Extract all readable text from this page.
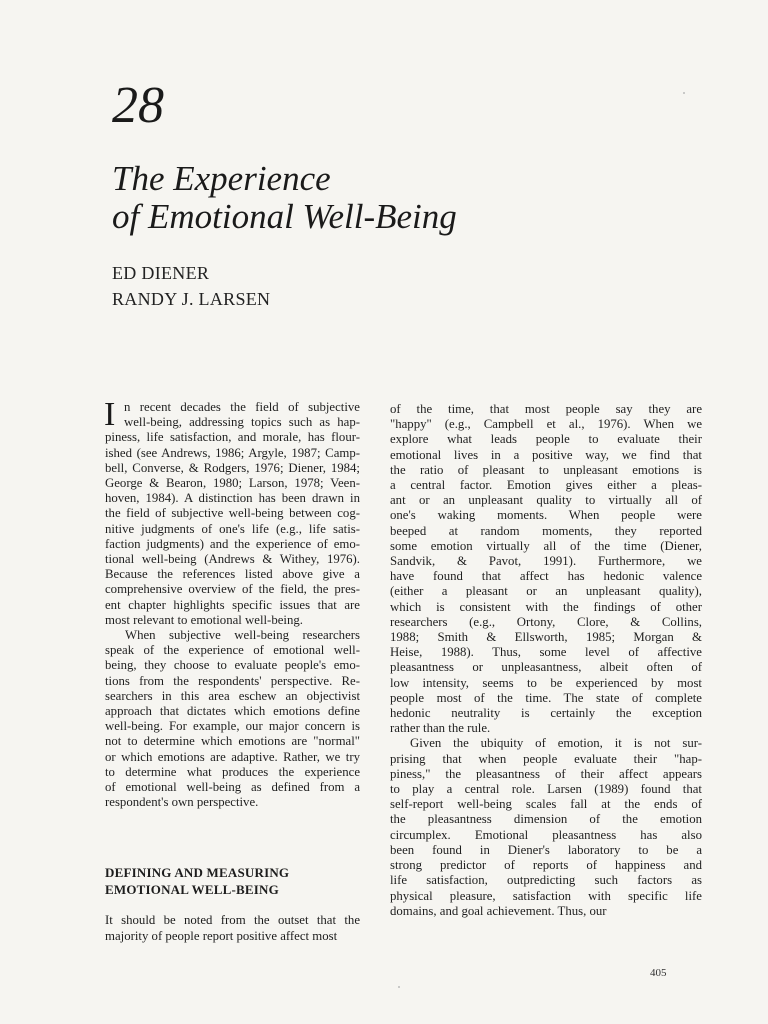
28
The Experience
of Emotional Well-Being
ED DIENER
RANDY J. LARSEN
I n recent decades the field of subjective
well-being, addressing topics such as hap-
piness, life satisfaction, and morale, has flour-
ished (see Andrews, 1986; Argyle, 1987; Camp-
bell, Converse, & Rodgers, 1976; Diener, 1984;
George & Bearon, 1980; Larson, 1978; Veen-
hoven, 1984). A distinction has been drawn in
the field of subjective well-being between cog-
nitive judgments of one's life (e.g., life satis-
faction judgments) and the experience of emo-
tional well-being (Andrews & Withey, 1976).
Because the references listed above give a
comprehensive overview of the field, the pres-
ent chapter highlights specific issues that are
most relevant to emotional well-being.
When subjective well-being researchers
speak of the experience of emotional well-
being, they choose to evaluate people's emo-
tions from the respondents' perspective. Re-
searchers in this area eschew an objectivist
approach that dictates which emotions define
well-being. For example, our major concern is
not to determine which emotions are "normal"
or which emotions are adaptive. Rather, we try
to determine what produces the experience
of emotional well-being as defined from a
respondent's own perspective.
DEFINING AND MEASURING
EMOTIONAL WELL-BEING
It should be noted from the outset that the
majority of people report positive affect most
of the time, that most people say they are
"happy" (e.g., Campbell et al., 1976). When we
explore what leads people to evaluate their
emotional lives in a positive way, we find that
the ratio of pleasant to unpleasant emotions is
a central factor. Emotion gives either a pleas-
ant or an unpleasant quality to virtually all of
one's waking moments. When people were
beeped at random moments, they reported
some emotion virtually all of the time (Diener,
Sandvik, & Pavot, 1991). Furthermore, we
have found that affect has hedonic valence
(either a pleasant or an unpleasant quality),
which is consistent with the findings of other
researchers (e.g., Ortony, Clore, & Collins,
1988; Smith & Ellsworth, 1985; Morgan &
Heise, 1988). Thus, some level of affective
pleasantness or unpleasantness, albeit often of
low intensity, seems to be experienced by most
people most of the time. The state of complete
hedonic neutrality is certainly the exception
rather than the rule.
Given the ubiquity of emotion, it is not sur-
prising that when people evaluate their "hap-
piness," the pleasantness of their affect appears
to play a central role. Larsen (1989) found that
self-report well-being scales fall at the ends of
the pleasantness dimension of the emotion
circumplex. Emotional pleasantness has also
been found in Diener's laboratory to be a
strong predictor of reports of happiness and
life satisfaction, outpredicting such factors as
physical pleasure, satisfaction with specific life
domains, and goal achievement. Thus, our
405
